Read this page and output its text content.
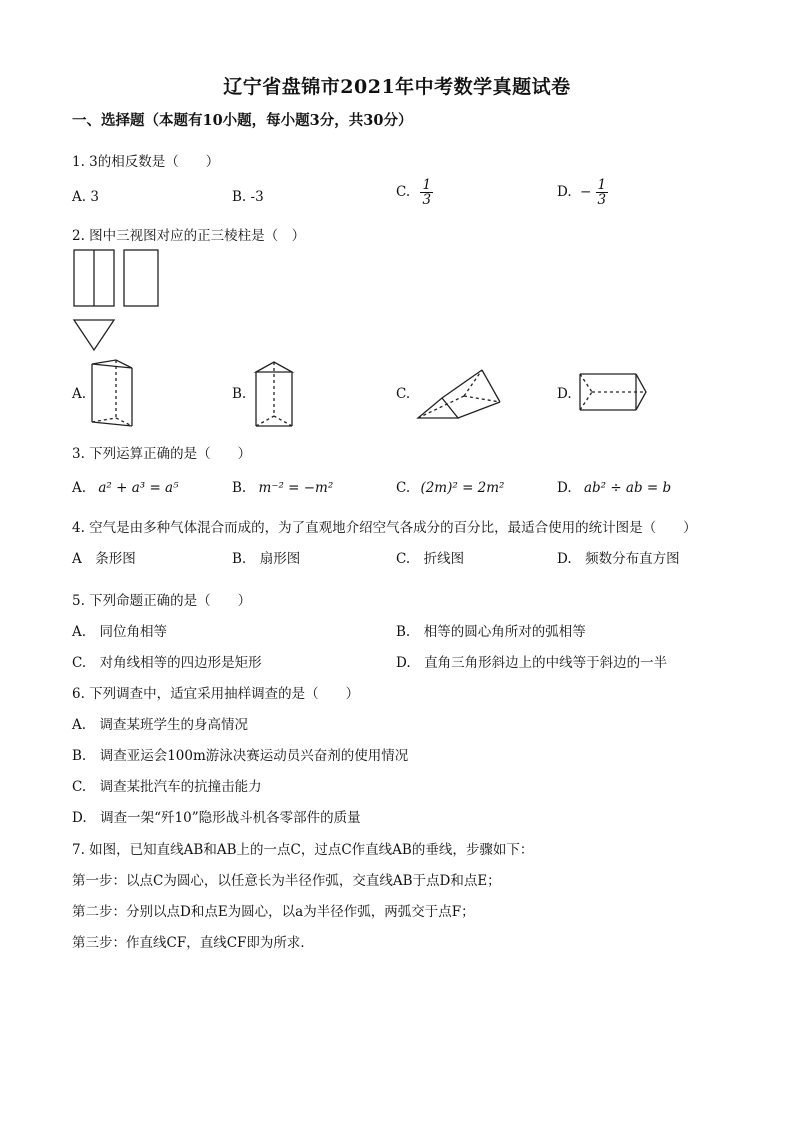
辽宁省盘锦市2021年中考数学真题试卷
一、选择题（本题有10小题，每小题3分，共30分）
1. 3的相反数是（　　）
A. 3	B. -3	C. $\frac{1}{3}$	D. − $\frac{1}{3}$
2. 图中三视图对应的正三棱柱是（　）
A.	B.	C.	D.
3. 下列运算正确的是（　　）
A. a² + a³ = a⁵	B. m⁻² = −m²	C. (2m)² = 2m²	D. ab² ÷ ab = b
4. 空气是由多种气体混合而成的，为了直观地介绍空气各成分的百分比，最适合使用的统计图是（　　）
A　条形图	B.　扇形图	C.　折线图	D.　频数分布直方图
5. 下列命题正确的是（　　）
A.　同位角相等	B.　相等的圆心角所对的弧相等
C.　对角线相等的四边形是矩形	D.　直角三角形斜边上的中线等于斜边的一半
6. 下列调查中，适宜采用抽样调查的是（　　）
A.　调查某班学生的身高情况
B.　调查亚运会100m游泳决赛运动员兴奋剂的使用情况
C.　调查某批汽车的抗撞击能力
D.　调查一架“歼10”隐形战斗机各零部件的质量
7. 如图，已知直线AB和AB上的一点C，过点C作直线AB的垂线，步骤如下：
第一步：以点C为圆心，以任意长为半径作弧，交直线AB于点D和点E；
第二步：分别以点D和点E为圆心，以a为半径作弧，两弧交于点F；
第三步：作直线CF，直线CF即为所求．
